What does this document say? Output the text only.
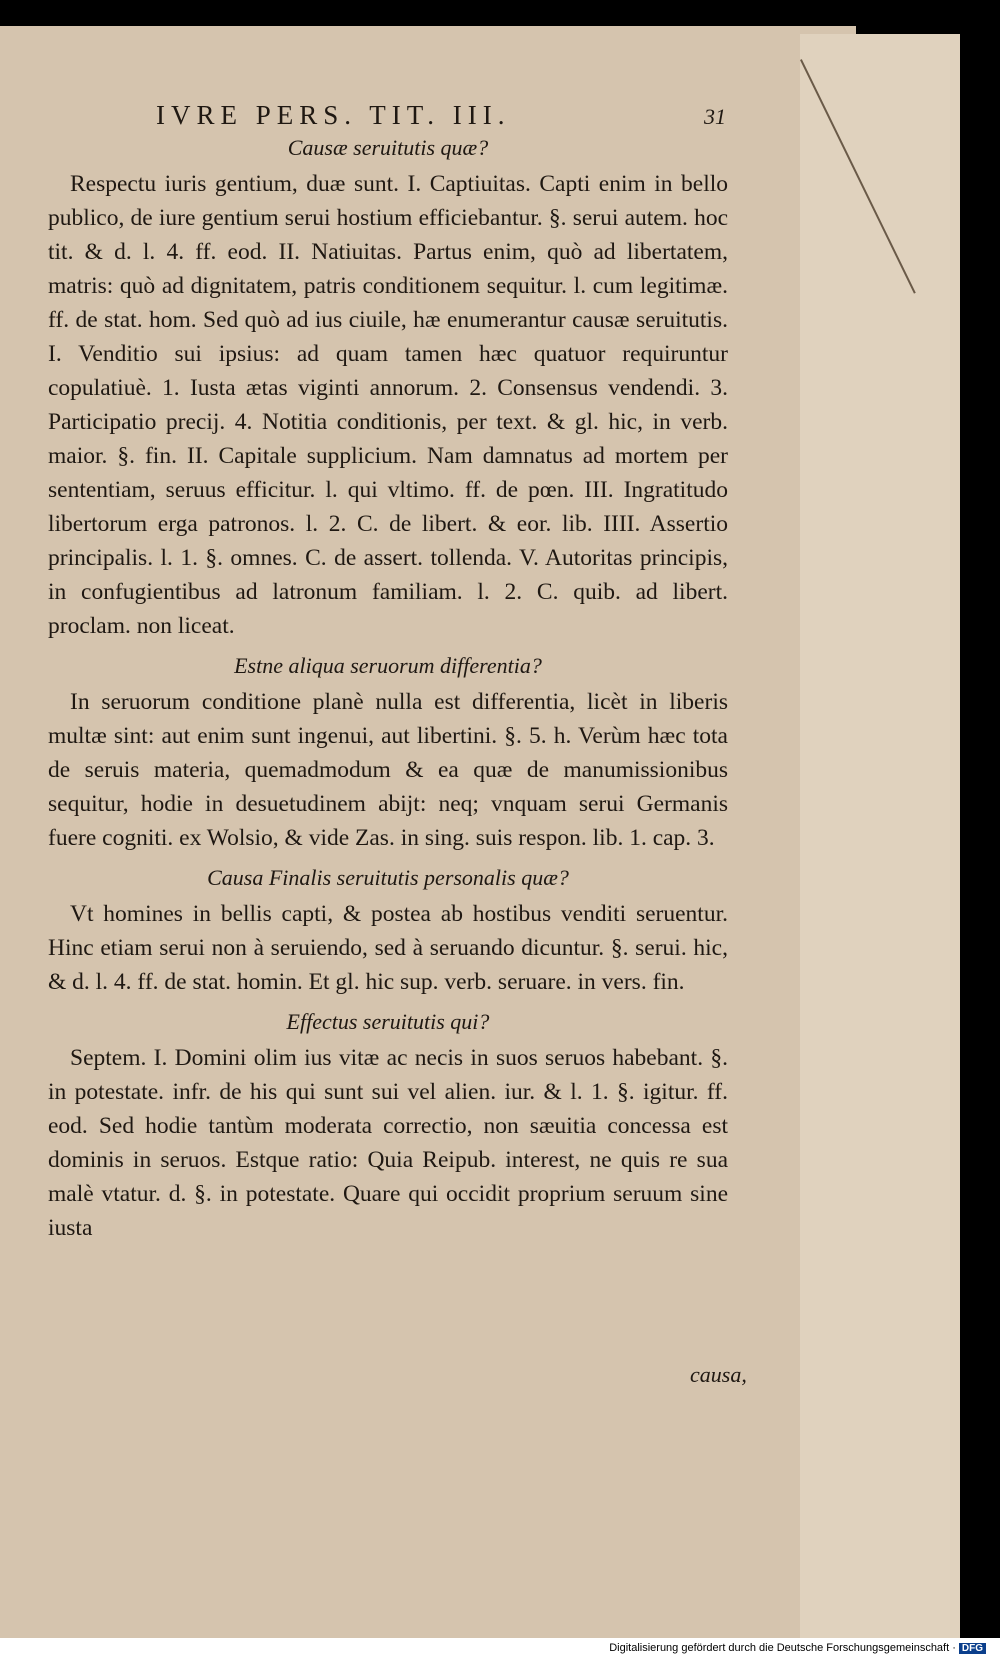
IVRE PERS. TIT. III.	31
Causæ seruitutis quæ?

Respectu iuris gentium, duæ sunt. I. Captiuitas. Capti enim in bello publico, de iure gentium serui hostium efficiebantur. §. serui autem. hoc tit. & d. l. 4. ff. eod. II. Natiuitas. Partus enim, quò ad libertatem, matris: quò ad dignitatem, patris conditionem sequitur. l. cum legitimæ. ff. de stat. hom. Sed quò ad ius ciuile, hæ enumerantur causæ seruitutis. I. Venditio sui ipsius: ad quam tamen hæc quatuor requiruntur copulatiuè. 1. Iusta ætas viginti annorum. 2. Consensus vendendi. 3. Participatio precij. 4. Notitia conditionis, per text. & gl. hic, in verb. maior. §. fin. II. Capitale supplicium. Nam damnatus ad mortem per sententiam, seruus efficitur. l. qui vltimo. ff. de pœn. III. Ingratitudo libertorum erga patronos. l. 2. C. de libert. & eor. lib. IIII. Assertio principalis. l. 1. §. omnes. C. de assert. tollenda. V. Autoritas principis, in confugientibus ad latronum familiam. l. 2. C. quib. ad libert. proclam. non liceat.

Estne aliqua seruorum differentia?

In seruorum conditione planè nulla est differentia, licèt in liberis multæ sint: aut enim sunt ingenui, aut libertini. §. 5. h. Verùm hæc tota de seruis materia, quemadmodum & ea quæ de manumissionibus sequitur, hodie in desuetudinem abijt: neq; vnquam serui Germanis fuere cogniti. ex Wolsio, & vide Zas. in sing. suis respon. lib. 1. cap. 3.

Causa Finalis seruitutis personalis quæ?

Vt homines in bellis capti, & postea ab hostibus venditi seruentur. Hinc etiam serui non à seruiendo, sed à seruando dicuntur. §. serui. hic, & d. l. 4. ff. de stat. homin. Et gl. hic sup. verb. seruare. in vers. fin.

Effectus seruitutis qui?

Septem. I. Domini olim ius vitæ ac necis in suos seruos habebant. §. in potestate. infr. de his qui sunt sui vel alien. iur. & l. 1. §. igitur. ff. eod. Sed hodie tantùm moderata correctio, non sæuitia concessa est dominis in seruos. Estque ratio: Quia Reipub. interest, ne quis re sua malè vtatur. d. §. in potestate. Quare qui occidit proprium seruum sine iusta

causa,
Digitalisierung gefördert durch die Deutsche Forschungsgemeinschaft · DFG
